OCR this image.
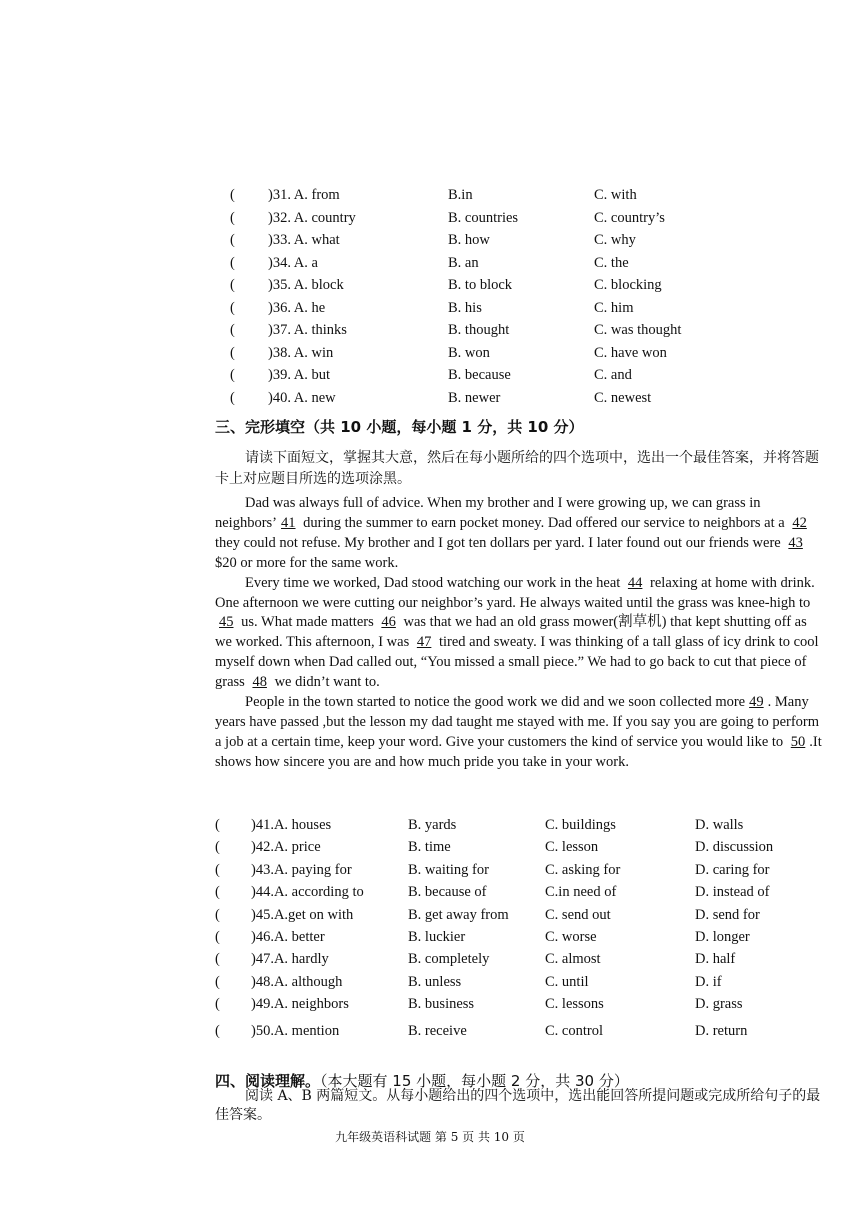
( )31. A. from	B.in	C. with
( )32. A. country	B. countries	C. country’s
( )33. A. what	B. how	C. why
( )34. A. a	B. an	C. the
( )35. A. block	B. to block	C. blocking
( )36. A. he	B. his	C. him
( )37. A. thinks	B. thought	C. was thought
( )38. A. win	B. won	C. have won
( )39. A. but	B. because	C. and
( )40. A. new	B. newer	C. newest
三、完形填空（共 10 小题，每小题 1 分，共 10 分）
请读下面短文，掌握其大意，然后在每小题所给的四个选项中，选出一个最佳答案，并将答题卡上对应题目所选的选项涂黑。

Dad was always full of advice. When my brother and I were growing up, we can grass in neighbors’ 41 during the summer to earn pocket money. Dad offered our service to neighbors at a 42 they could not refuse. My brother and I got ten dollars per yard. I later found out our friends were 43 $20 or more for the same work.

Every time we worked, Dad stood watching our work in the heat 44 relaxing at home with drink. One afternoon we were cutting our neighbor’s yard. He always waited until the grass was knee-high to 45 us. What made matters 46 was that we had an old grass mower(割草机) that kept shutting off as we worked. This afternoon, I was 47 tired and sweaty. I was thinking of a tall glass of icy drink to cool myself down when Dad called out, “You missed a small piece.” We had to go back to cut that piece of grass 48 we didn’t want to.

People in the town started to notice the good work we did and we soon collected more 49 . Many years have passed ,but the lesson my dad taught me stayed with me. If you say you are going to perform a job at a certain time, keep your word. Give your customers the kind of service you would like to 50 .It shows how sincere you are and how much pride you take in your work.

( )41.A. houses	B. yards	C. buildings	D. walls
( )42.A. price	B. time	C. lesson	D. discussion
( )43.A. paying for	B. waiting for	C. asking for	D. caring for
( )44.A. according to	B. because of	C.in need of	D. instead of
( )45.A.get on with	B. get away from	C. send out	D. send for
( )46.A. better	B. luckier	C. worse	D. longer
( )47.A. hardly	B. completely	C. almost	D. half
( )48.A. although	B. unless	C. until	D. if
( )49.A. neighbors	B. business	C. lessons	D. grass
( )50.A. mention	B. receive	C. control	D. return
四、阅读理解。（本大题有 15 小题，每小题 2 分，共 30 分）
阅读 A、B 两篇短文。从每小题给出的四个选项中，选出能回答所提问题或完成所给句子的最佳答案。
九年级英语科试题 第 5 页 共 10 页
